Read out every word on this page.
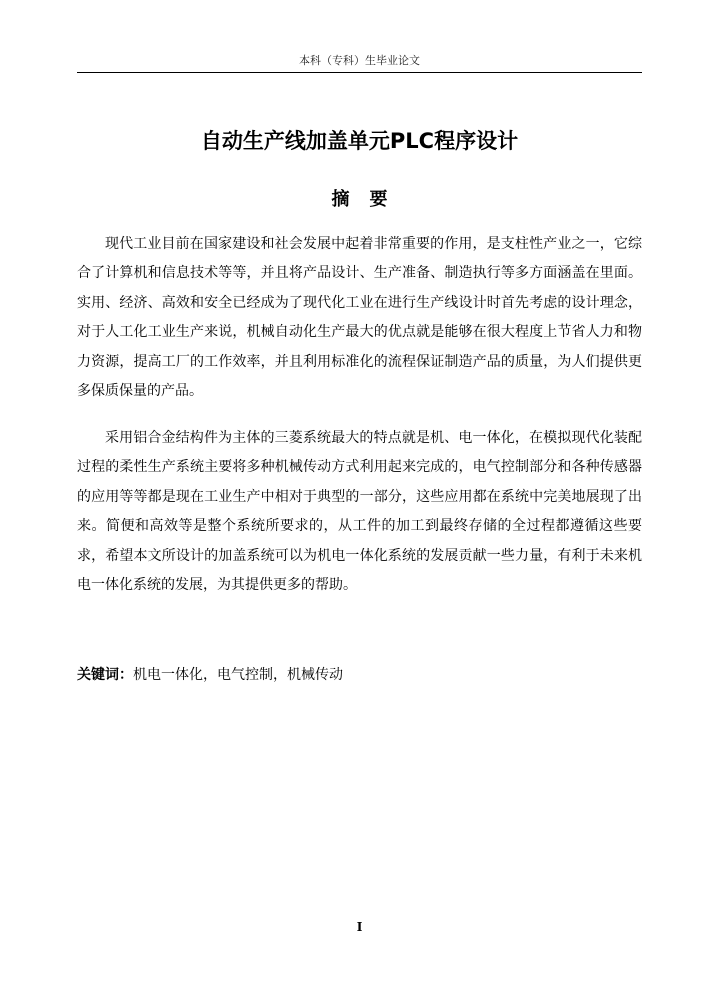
本科（专科）生毕业论文
自动生产线加盖单元PLC程序设计
摘要

现代工业目前在国家建设和社会发展中起着非常重要的作用，是支柱性产业之一，它综合了计算机和信息技术等等，并且将产品设计、生产准备、制造执行等多方面涵盖在里面。实用、经济、高效和安全已经成为了现代化工业在进行生产线设计时首先考虑的设计理念，对于人工化工业生产来说，机械自动化生产最大的优点就是能够在很大程度上节省人力和物力资源，提高工厂的工作效率，并且利用标准化的流程保证制造产品的质量，为人们提供更多保质保量的产品。

采用铝合金结构件为主体的三菱系统最大的特点就是机、电一体化，在模拟现代化装配过程的柔性生产系统主要将多种机械传动方式利用起来完成的，电气控制部分和各种传感器的应用等等都是现在工业生产中相对于典型的一部分，这些应用都在系统中完美地展现了出来。简便和高效等是整个系统所要求的，从工件的加工到最终存储的全过程都遵循这些要求，希望本文所设计的加盖系统可以为机电一体化系统的发展贡献一些力量，有利于未来机电一体化系统的发展，为其提供更多的帮助。

关键词：机电一体化，电气控制，机械传动
I
